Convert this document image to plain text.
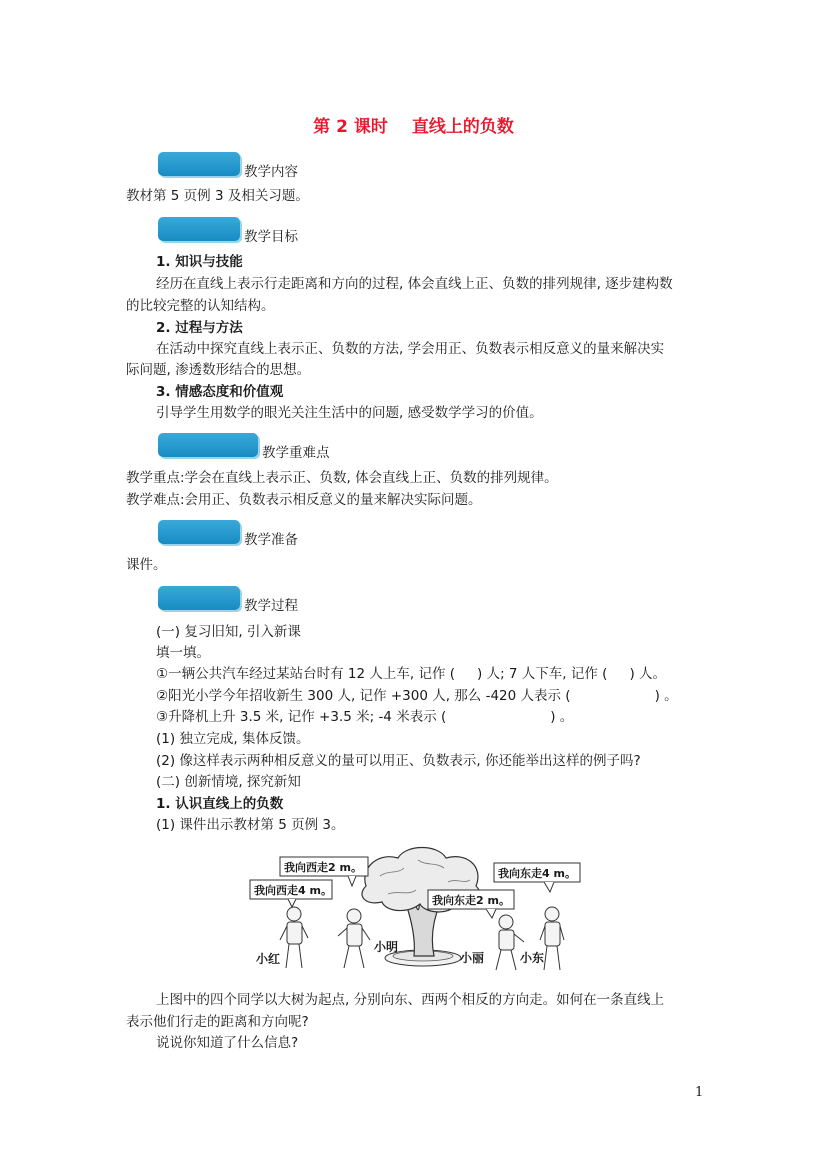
第 2 课时 直线上的负数
教学内容
教材第 5 页例 3 及相关习题。
教学目标
1. 知识与技能
经历在直线上表示行走距离和方向的过程, 体会直线上正、负数的排列规律, 逐步建构数
的比较完整的认知结构。
2. 过程与方法
在活动中探究直线上表示正、负数的方法, 学会用正、负数表示相反意义的量来解决实
际问题, 渗透数形结合的思想。
3. 情感态度和价值观
引导学生用数学的眼光关注生活中的问题, 感受数学学习的价值。
教学重难点
教学重点:学会在直线上表示正、负数, 体会直线上正、负数的排列规律。
教学难点:会用正、负数表示相反意义的量来解决实际问题。
教学准备
课件。
教学过程
(一) 复习旧知, 引入新课
填一填。
①一辆公共汽车经过某站台时有 12 人上车, 记作 ( ) 人; 7 人下车, 记作 ( ) 人。
②阳光小学今年招收新生 300 人, 记作 +300 人, 那么 -420 人表示 (	) 。
③升降机上升 3.5 米, 记作 +3.5 米; -4 米表示 (	) 。
(1) 独立完成, 集体反馈。
(2) 像这样表示两种相反意义的量可以用正、负数表示, 你还能举出这样的例子吗?
(二) 创新情境, 探究新知
1. 认识直线上的负数
(1) 课件出示教材第 5 页例 3。
我向西走4 m。
我向西走2 m。
我向东走2 m。
我向东走4 m。
小红
小明
小丽	小东
上图中的四个同学以大树为起点, 分别向东、西两个相反的方向走。如何在一条直线上
表示他们行走的距离和方向呢?
说说你知道了什么信息?
1
